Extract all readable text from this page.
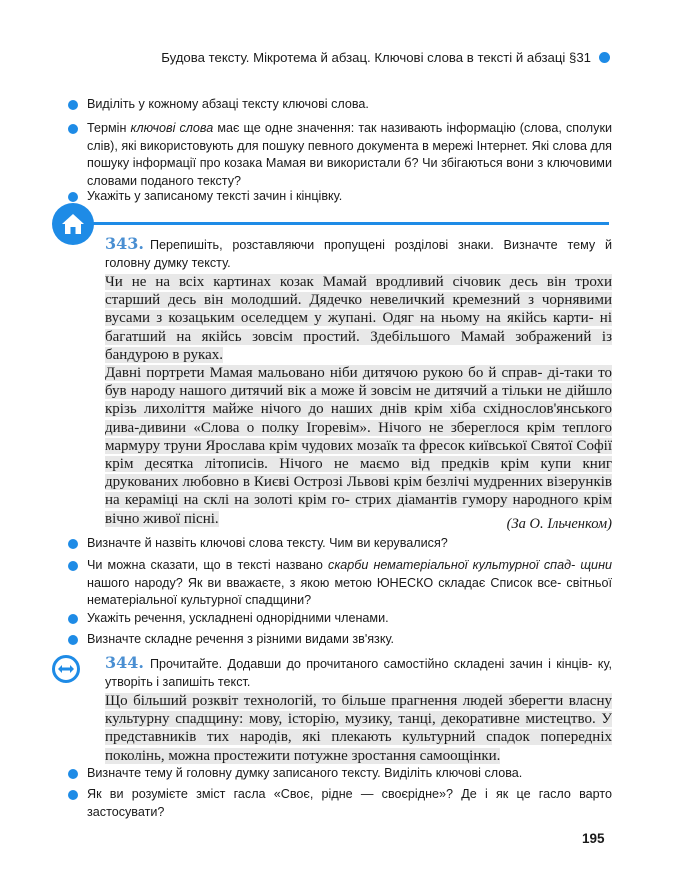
Будова тексту. Мікротема й абзац. Ключові слова в тексті й абзаці §31

Виділіть у кожному абзаці тексту ключові слова.

Термін ключові слова має ще одне значення: так називають інформацію (слова, сполуки слів), які використовують для пошуку певного документа в мережі Інтернет. Які слова для пошуку інформації про козака Мамая ви використали б? Чи збігаються вони з ключовими словами поданого тексту?

Укажіть у записаному тексті зачин і кінцівку.

343. Перепишіть, розставляючи пропущені розділові знаки. Визначте тему й головну думку тексту.

Чи не на всіх картинах козак Мамай вродливий січовик десь він трохи старший десь він молодший. Дядечко невеличкий кремезний з чорнявими вусами з козацьким оселедцем у жупані. Одяг на ньому на якійсь карти- ні багатший на якійсь зовсім простий. Здебільшого Мамай зображений із бандурою в руках.

Давні портрети Мамая мальовано ніби дитячою рукою бо й справ- ді-таки то був народу нашого дитячий вік а може й зовсім не дитячий а тільки не дійшло крізь лихоліття майже нічого до наших днів крім хіба східнослов'янського дива-дивини «Слова о полку Ігоревім». Нічого не збереглося крім теплого мармуру труни Ярослава крім чудових мозаїк та фресок київської Святої Софії крім десятка літописів. Нічого не маємо від предків крім купи книг друкованих любовно в Києві Острозі Львові крім безлічі мудренних візерунків на кераміці на склі на золоті крім го- стрих діамантів гумору народного крім вічно живої пісні.	(За О. Ільченком)

Визначте й назвіть ключові слова тексту. Чим ви керувалися?

Чи можна сказати, що в тексті названо скарби нематеріальної культурної спад- щини нашого народу? Як ви вважаєте, з якою метою ЮНЕСКО складає Список все- світньої нематеріальної культурної спадщини?

Укажіть речення, ускладнені однорідними членами.

Визначте складне речення з різними видами зв'язку.

344. Прочитайте. Додавши до прочитаного самостійно складені зачин і кінців- ку, утворіть і запишіть текст.

Що більший розквіт технологій, то більше прагнення людей зберегти власну культурну спадщину: мову, історію, музику, танці, декоративне мистецтво. У представників тих народів, які плекають культурний спадок попередніх поколінь, можна простежити потужне зростання самоощінки.

Визначте тему й головну думку записаного тексту. Виділіть ключові слова.

Як ви розумієте зміст гасла «Своє, рідне — своєрідне»? Де і як це гасло варто застосувати?

195
